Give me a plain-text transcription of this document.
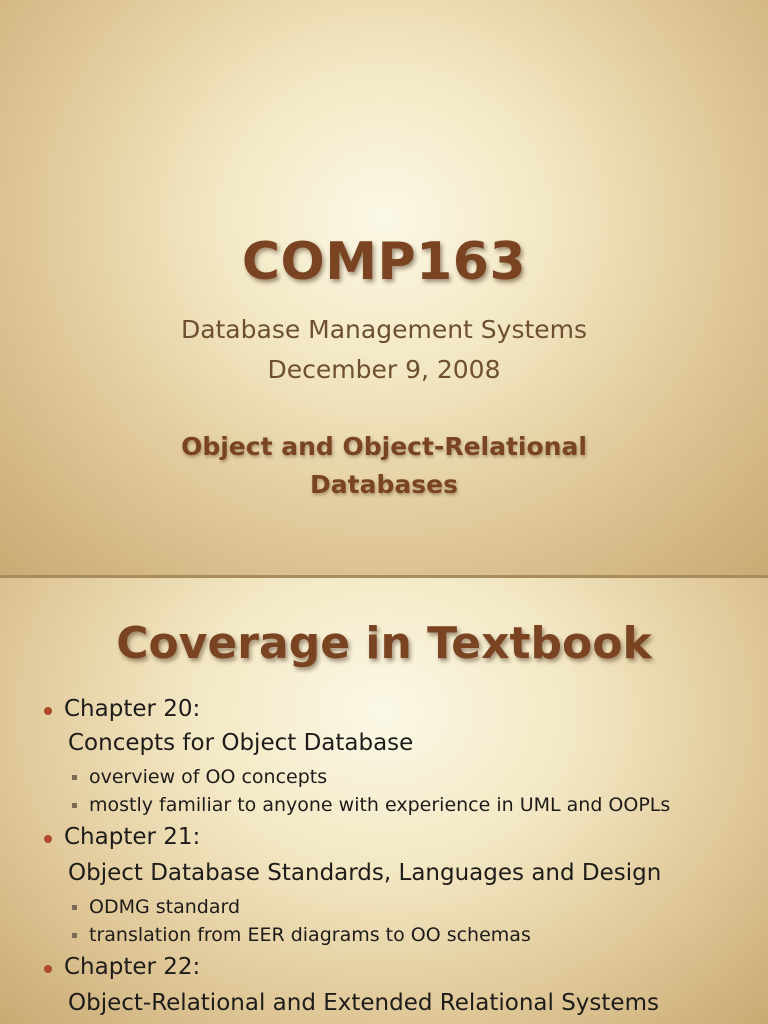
COMP163
Database Management Systems
December 9, 2008
Object and Object-Relational
Databases
Coverage in Textbook
Chapter 20:
Concepts for Object Database
overview of OO concepts
mostly familiar to anyone with experience in UML and OOPLs
Chapter 21:
Object Database Standards, Languages and Design
ODMG standard
translation from EER diagrams to OO schemas
Chapter 22:
Object-Relational and Extended Relational Systems
